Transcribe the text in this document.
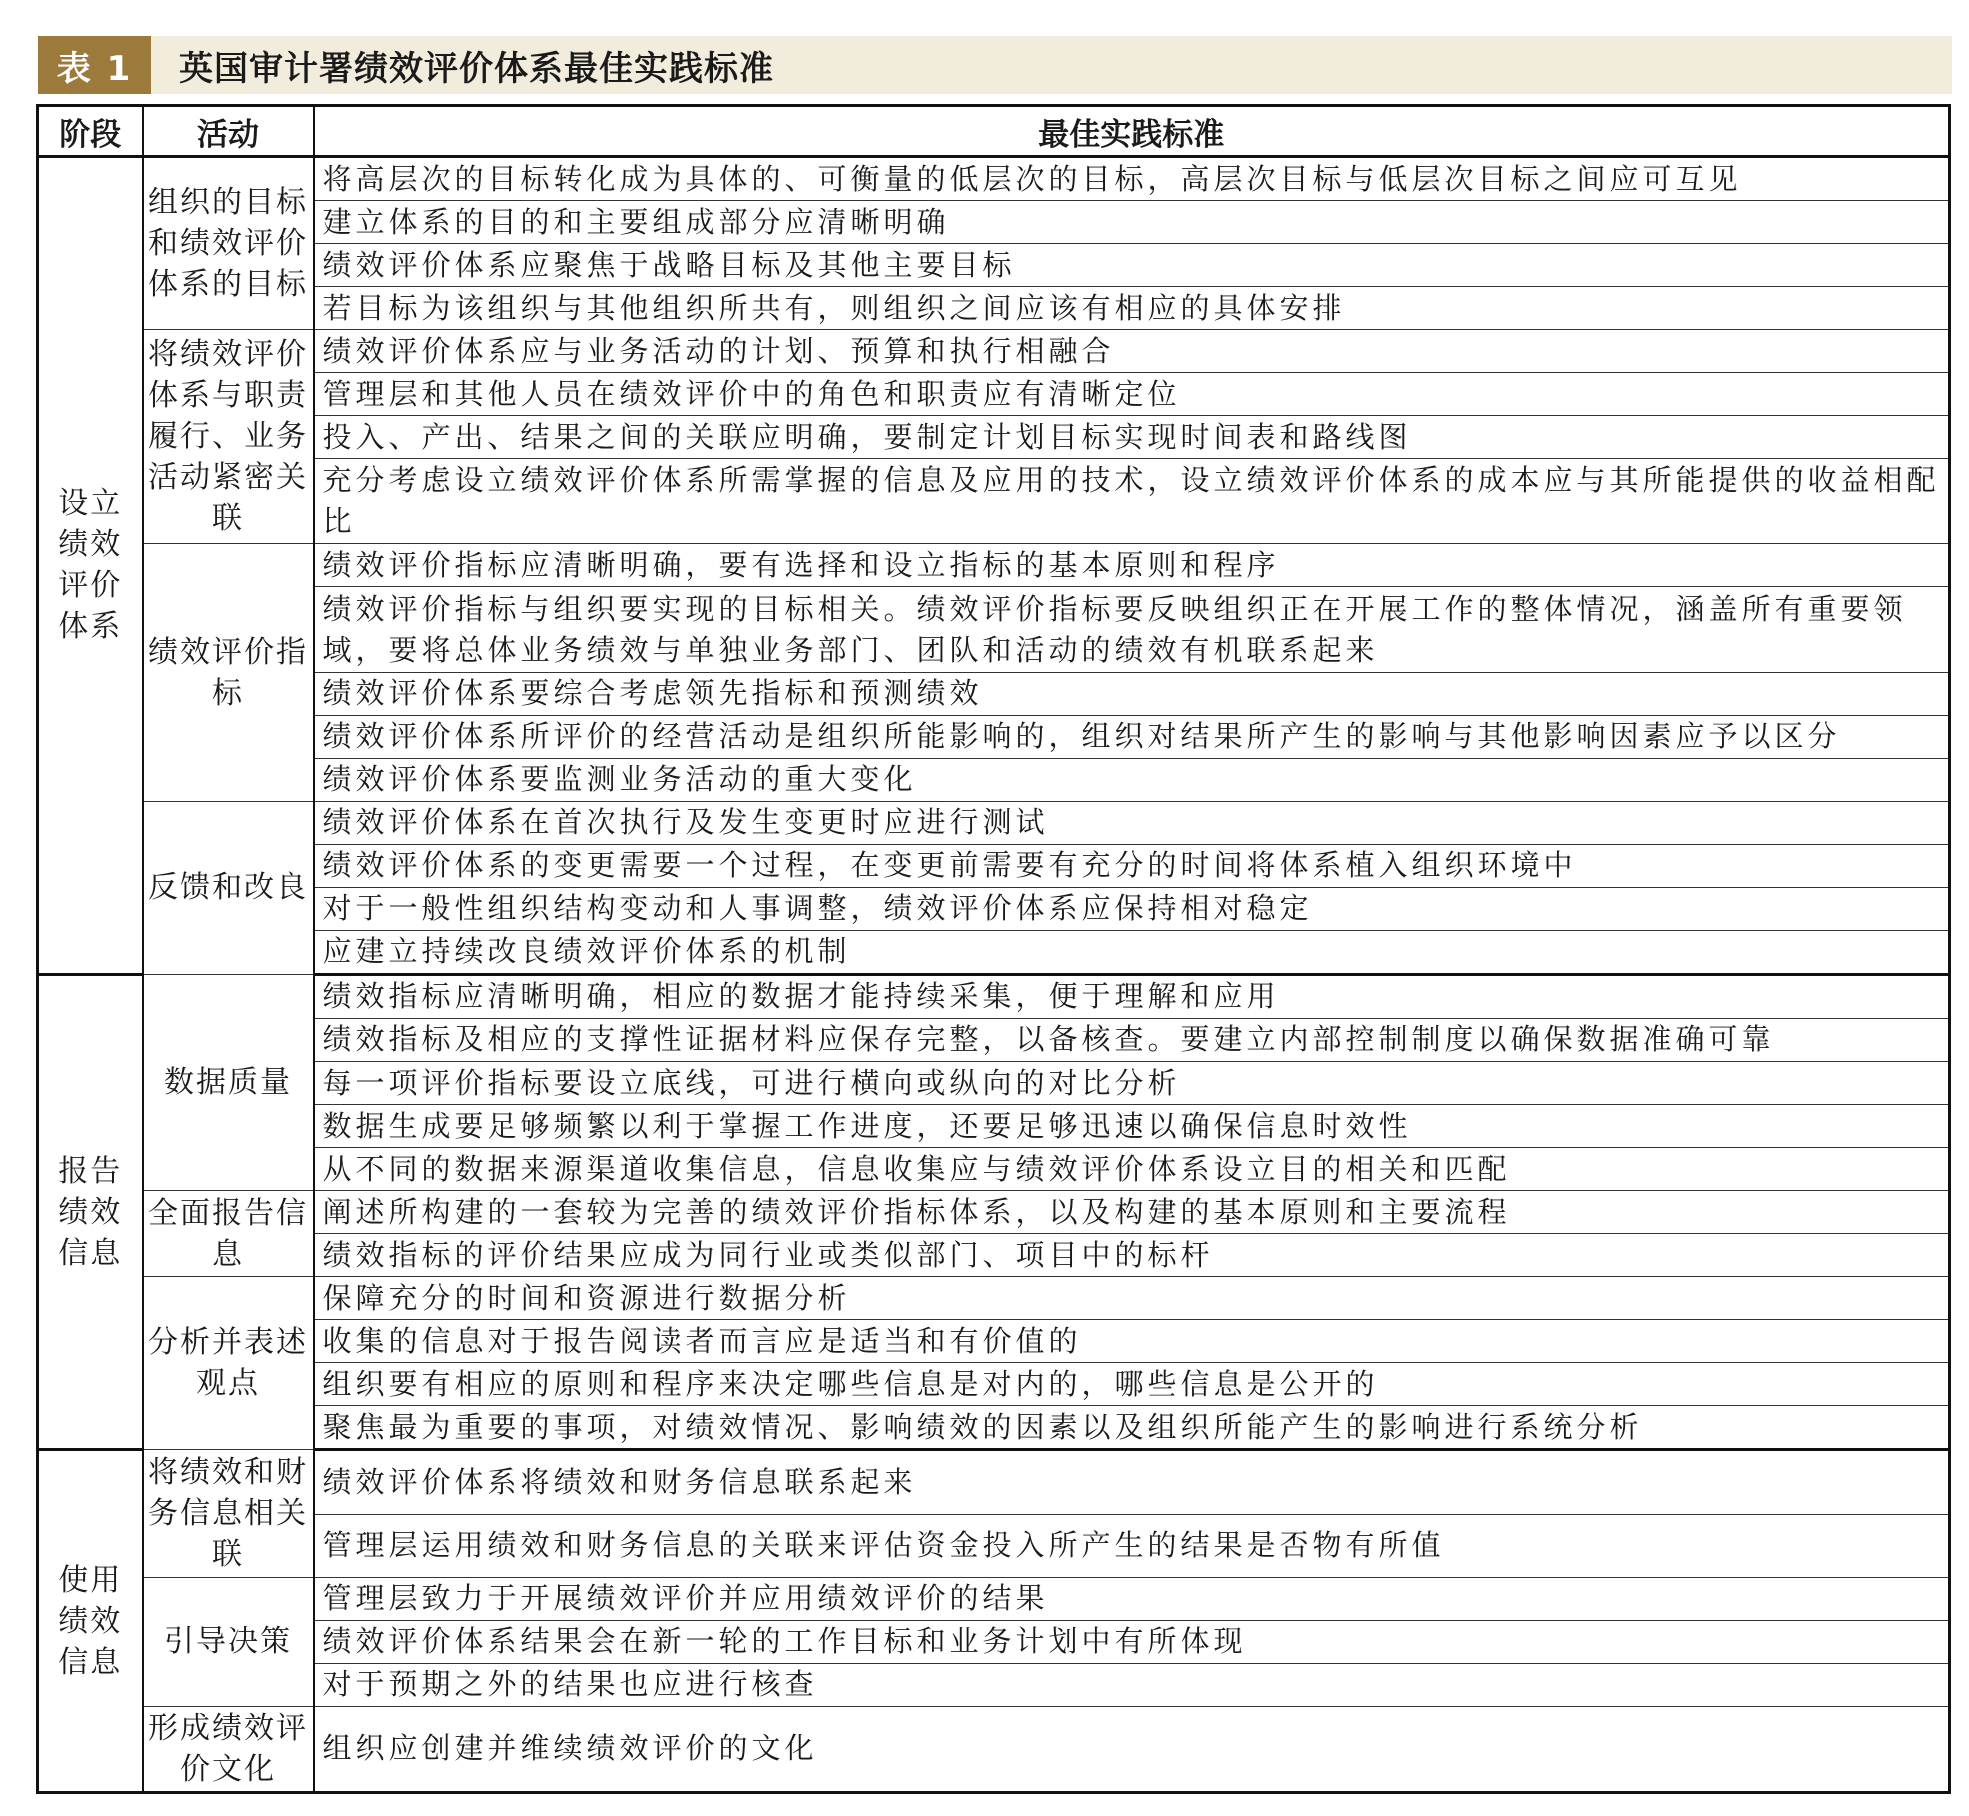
表 1	英国审计署绩效评价体系最佳实践标准
阶段	活动	最佳实践标准
设立绩效评价体系	组织的目标和绩效评价体系的目标	将高层次的目标转化成为具体的、可衡量的低层次的目标，高层次目标与低层次目标之间应可互见
		建立体系的目的和主要组成部分应清晰明确
		绩效评价体系应聚焦于战略目标及其他主要目标
		若目标为该组织与其他组织所共有，则组织之间应该有相应的具体安排
	将绩效评价体系与职责履行、业务活动紧密关联	绩效评价体系应与业务活动的计划、预算和执行相融合
		管理层和其他人员在绩效评价中的角色和职责应有清晰定位
		投入、产出、结果之间的关联应明确，要制定计划目标实现时间表和路线图
		充分考虑设立绩效评价体系所需掌握的信息及应用的技术，设立绩效评价体系的成本应与其所能提供的收益相配比
	绩效评价指标	绩效评价指标应清晰明确，要有选择和设立指标的基本原则和程序
		绩效评价指标与组织要实现的目标相关。绩效评价指标要反映组织正在开展工作的整体情况，涵盖所有重要领域，要将总体业务绩效与单独业务部门、团队和活动的绩效有机联系起来
		绩效评价体系要综合考虑领先指标和预测绩效
		绩效评价体系所评价的经营活动是组织所能影响的，组织对结果所产生的影响与其他影响因素应予以区分
		绩效评价体系要监测业务活动的重大变化
	反馈和改良	绩效评价体系在首次执行及发生变更时应进行测试
		绩效评价体系的变更需要一个过程，在变更前需要有充分的时间将体系植入组织环境中
		对于一般性组织结构变动和人事调整，绩效评价体系应保持相对稳定
		应建立持续改良绩效评价体系的机制
报告绩效信息	数据质量	绩效指标应清晰明确，相应的数据才能持续采集，便于理解和应用
		绩效指标及相应的支撑性证据材料应保存完整，以备核查。要建立内部控制制度以确保数据准确可靠
		每一项评价指标要设立底线，可进行横向或纵向的对比分析
		数据生成要足够频繁以利于掌握工作进度，还要足够迅速以确保信息时效性
		从不同的数据来源渠道收集信息，信息收集应与绩效评价体系设立目的相关和匹配
	全面报告信息	阐述所构建的一套较为完善的绩效评价指标体系，以及构建的基本原则和主要流程
		绩效指标的评价结果应成为同行业或类似部门、项目中的标杆
	分析并表述观点	保障充分的时间和资源进行数据分析
		收集的信息对于报告阅读者而言应是适当和有价值的
		组织要有相应的原则和程序来决定哪些信息是对内的，哪些信息是公开的
		聚焦最为重要的事项，对绩效情况、影响绩效的因素以及组织所能产生的影响进行系统分析
使用绩效信息	将绩效和财务信息相关联	绩效评价体系将绩效和财务信息联系起来
		管理层运用绩效和财务信息的关联来评估资金投入所产生的结果是否物有所值
	引导决策	管理层致力于开展绩效评价并应用绩效评价的结果
		绩效评价体系结果会在新一轮的工作目标和业务计划中有所体现
		对于预期之外的结果也应进行核查
	形成绩效评价文化	组织应创建并维续绩效评价的文化
